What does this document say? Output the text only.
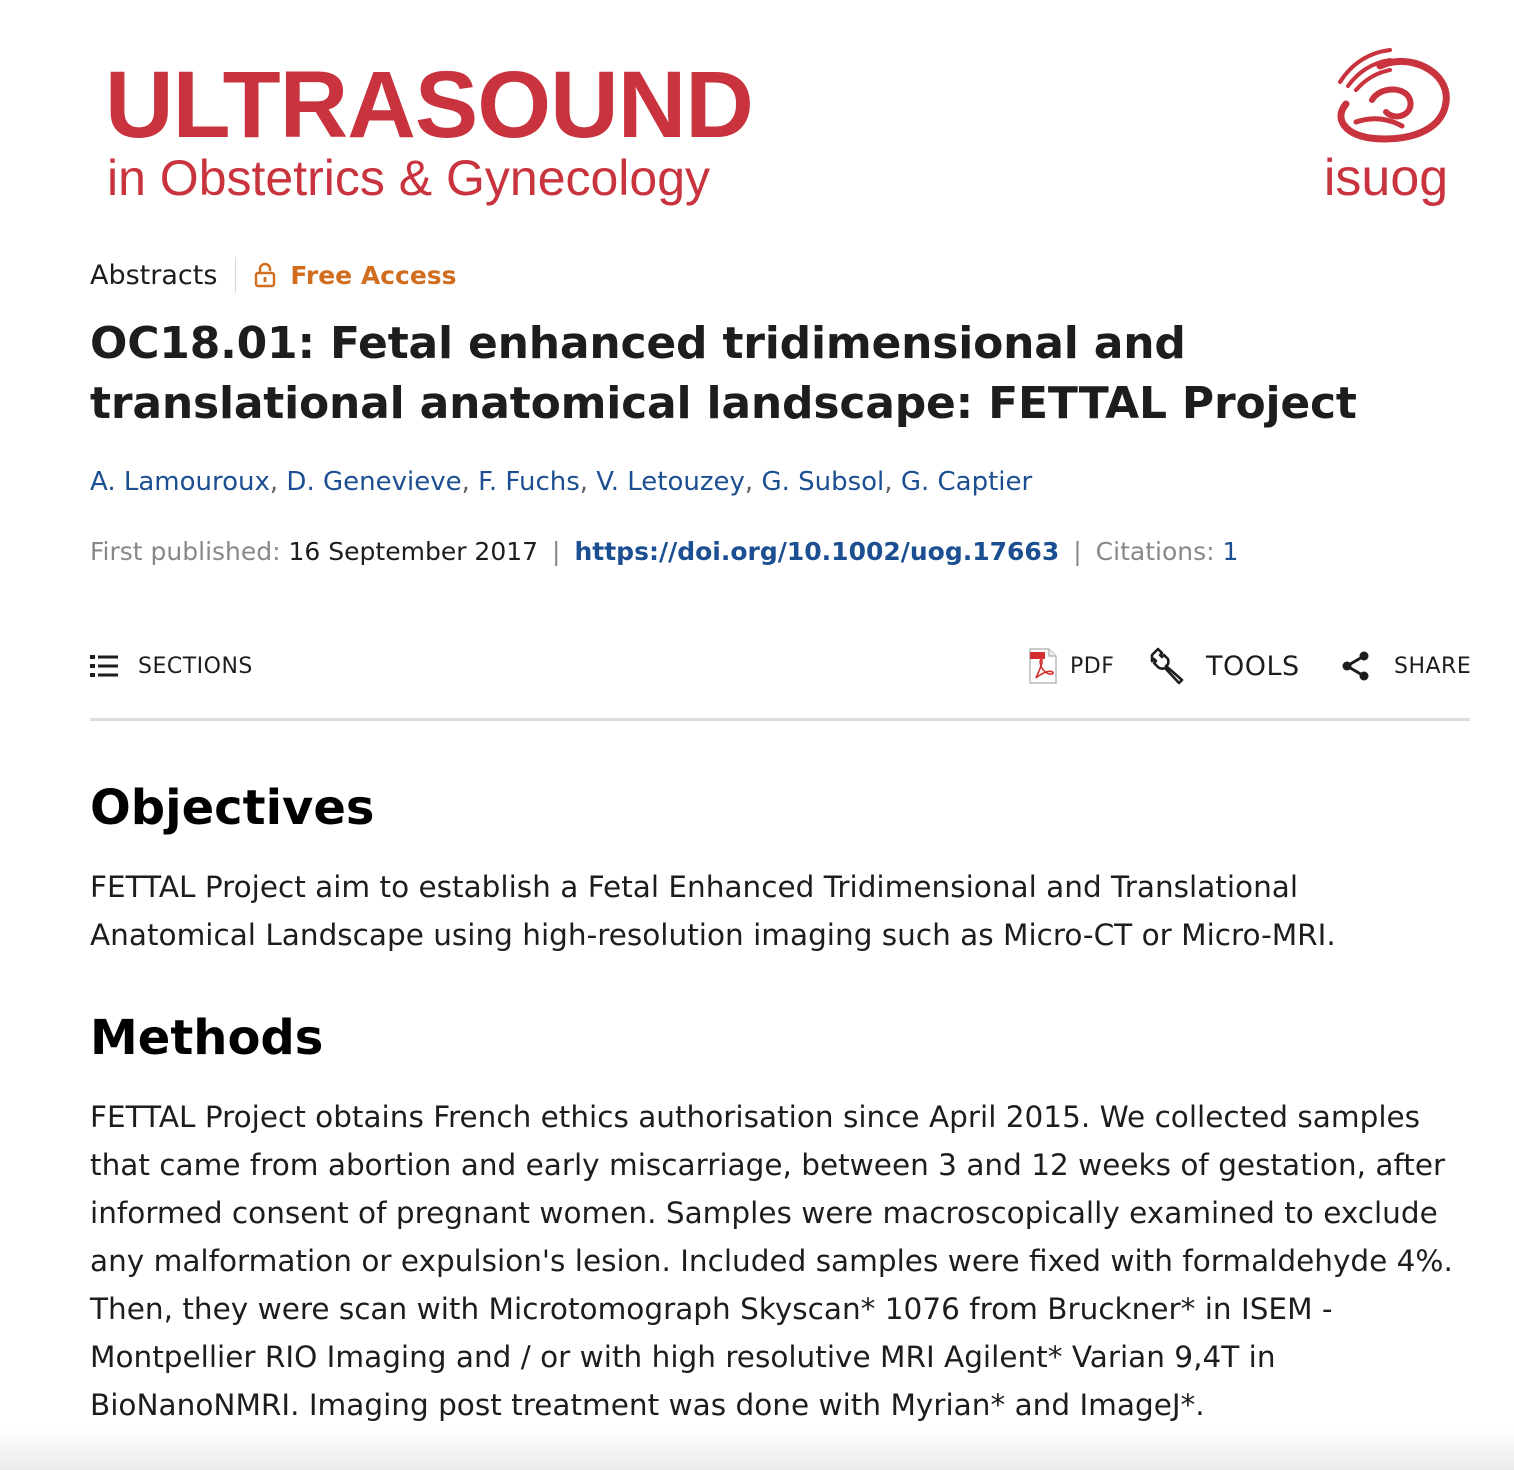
ULTRASOUND
in Obstetrics & Gynecology	isuog
Abstracts	Free Access
OC18.01: Fetal enhanced tridimensional and translational anatomical landscape: FETTAL Project
A. Lamouroux, D. Genevieve, F. Fuchs, V. Letouzey, G. Subsol, G. Captier
First published: 16 September 2017 | https://doi.org/10.1002/uog.17663 | Citations: 1
SECTIONS	PDF	TOOLS	SHARE
Objectives

FETTAL Project aim to establish a Fetal Enhanced Tridimensional and Translational Anatomical Landscape using high-resolution imaging such as Micro-CT or Micro-MRI.

Methods

FETTAL Project obtains French ethics authorisation since April 2015. We collected samples that came from abortion and early miscarriage, between 3 and 12 weeks of gestation, after informed consent of pregnant women. Samples were macroscopically examined to exclude any malformation or expulsion's lesion. Included samples were fixed with formaldehyde 4%. Then, they were scan with Microtomograph Skyscan* 1076 from Bruckner* in ISEM - Montpellier RIO Imaging and / or with high resolutive MRI Agilent* Varian 9,4T in BioNanoNMRI. Imaging post treatment was done with Myrian* and ImageJ*.
